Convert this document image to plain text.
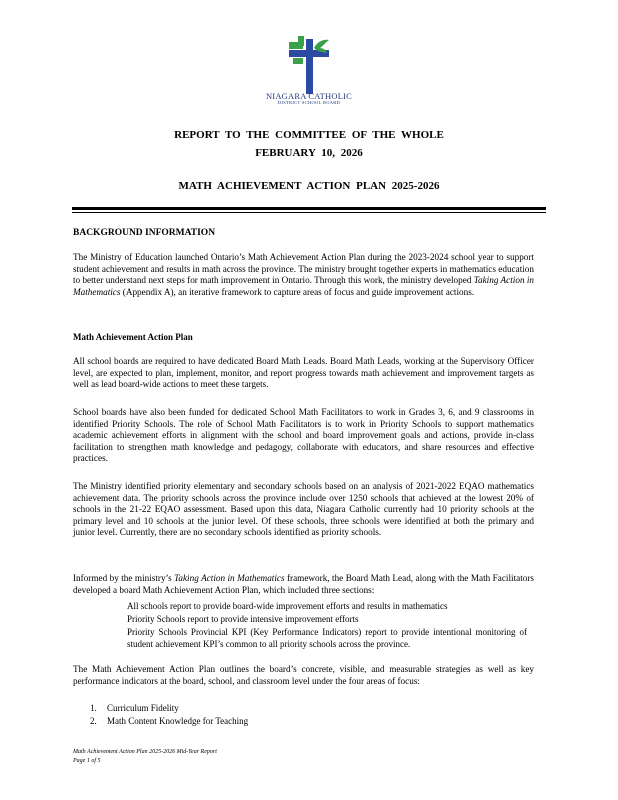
NIAGARA CATHOLIC
DISTRICT SCHOOL BOARD
REPORT TO THE COMMITTEE OF THE WHOLE
FEBRUARY 10, 2026
MATH ACHIEVEMENT ACTION PLAN 2025-2026
BACKGROUND INFORMATION

The Ministry of Education launched Ontario’s Math Achievement Action Plan during the 2023-2024 school year to support student achievement and results in math across the province. The ministry brought together experts in mathematics education to better understand next steps for math improvement in Ontario. Through this work, the ministry developed Taking Action in Mathematics (Appendix A), an iterative framework to capture areas of focus and guide improvement actions.

Math Achievement Action Plan

All school boards are required to have dedicated Board Math Leads. Board Math Leads, working at the Supervisory Officer level, are expected to plan, implement, monitor, and report progress towards math achievement and improvement targets as well as lead board-wide actions to meet these targets.

School boards have also been funded for dedicated School Math Facilitators to work in Grades 3, 6, and 9 classrooms in identified Priority Schools. The role of School Math Facilitators is to work in Priority Schools to support mathematics academic achievement efforts in alignment with the school and board improvement goals and actions, provide in-class facilitation to strengthen math knowledge and pedagogy, collaborate with educators, and share resources and effective practices.

The Ministry identified priority elementary and secondary schools based on an analysis of 2021-2022 EQAO mathematics achievement data. The priority schools across the province include over 1250 schools that achieved at the lowest 20% of schools in the 21-22 EQAO assessment. Based upon this data, Niagara Catholic currently had 10 priority schools at the primary level and 10 schools at the junior level. Of these schools, three schools were identified at both the primary and junior level. Currently, there are no secondary schools identified as priority schools.

Informed by the ministry’s Taking Action in Mathematics framework, the Board Math Lead, along with the Math Facilitators developed a board Math Achievement Action Plan, which included three sections:

All schools report to provide board-wide improvement efforts and results in mathematics
Priority Schools report to provide intensive improvement efforts

Priority Schools Provincial KPI (Key Performance Indicators) report to provide intentional monitoring of student achievement KPI’s common to all priority schools across the province.

The Math Achievement Action Plan outlines the board’s concrete, visible, and measurable strategies as well as key performance indicators at the board, school, and classroom level under the four areas of focus:

1. Curriculum Fidelity
2. Math Content Knowledge for Teaching
Math Achievement Action Plan 2025-2026 Mid-Year Report
Page 1 of 5
